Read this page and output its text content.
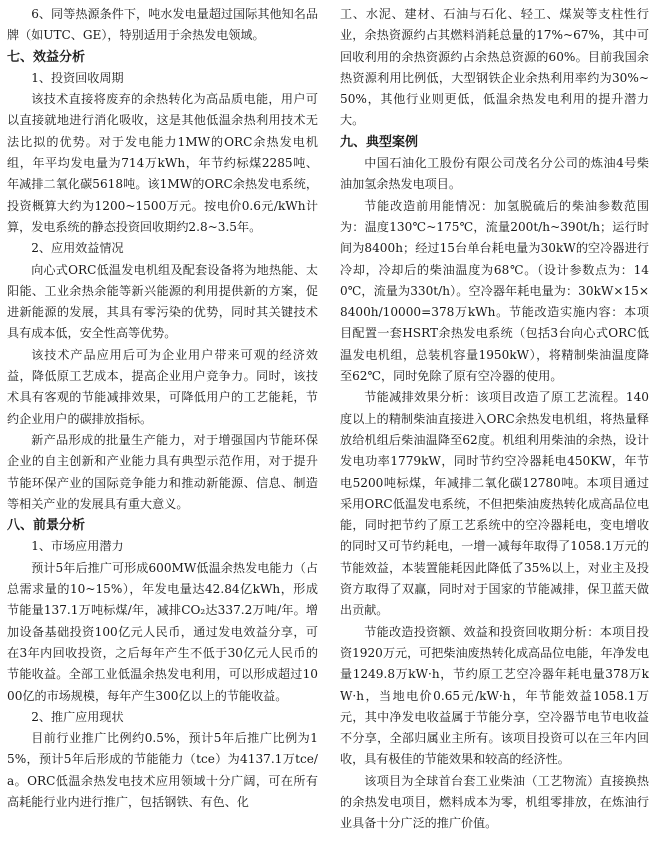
6、同等热源条件下，吨水发电量超过国际其他知名品牌（如UTC、GE），特别适用于余热发电领域。

七、效益分析

1、投资回收周期

该技术直接将废弃的余热转化为高品质电能，用户可以直接就地进行消化吸收，这是其他低温余热利用技术无法比拟的优势。对于发电能力1MW的ORC余热发电机组，年平均发电量为714万kWh，年节约标煤2285吨、年减排二氧化碳5618吨。该1MW的ORC余热发电系统，投资概算大约为1200~1500万元。按电价0.6元/kWh计算，发电系统的静态投资回收期约2.8~3.5年。

2、应用效益情况

向心式ORC低温发电机组及配套设备将为地热能、太阳能、工业余热余能等新兴能源的利用提供新的方案，促进新能源的发展，其具有零污染的优势，同时其关键技术具有成本低，安全性高等优势。

该技术产品应用后可为企业用户带来可观的经济效益，降低原工艺成本，提高企业用户竞争力。同时，该技术具有客观的节能减排效果，可降低用户的工艺能耗，节约企业用户的碳排放指标。

新产品形成的批量生产能力，对于增强国内节能环保企业的自主创新和产业能力具有典型示范作用，对于提升节能环保产业的国际竞争能力和推动新能源、信息、制造等相关产业的发展具有重大意义。

八、前景分析

1、市场应用潜力

预计5年后推广可形成600MW低温余热发电能力（占总需求量的10~15%），年发电量达42.84亿kWh，形成节能量137.1万吨标煤/年，减排CO₂达337.2万吨/年。增加设备基础投资100亿元人民币，通过发电效益分享，可在3年内回收投资，之后每年产生不低于30亿元人民币的节能收益。全部工业低温余热发电利用，可以形成超过1000亿的市场规模，每年产生300亿以上的节能收益。

2、推广应用现状

目前行业推广比例约0.5%，预计5年后推广比例为15%，预计5年后形成的节能能力（tce）为4137.1万tce/a。ORC低温余热发电技术应用领域十分广阔，可在所有高耗能行业内进行推广，包括钢铁、有色、化

工、水泥、建材、石油与石化、轻工、煤炭等支柱性行业，余热资源约占其燃料消耗总量的17%~67%，其中可回收利用的余热资源约占余热总资源的60%。目前我国余热资源利用比例低，大型钢铁企业余热利用率约为30%~50%，其他行业则更低，低温余热发电利用的提升潜力大。

九、典型案例

中国石油化工股份有限公司茂名分公司的炼油4号柴油加氢余热发电项目。

节能改造前用能情况：加氢脱硫后的柴油参数范围为：温度130℃~175℃，流量200t/h~390t/h；运行时间为8400h；经过15台单台耗电量为30kW的空冷器进行冷却，冷却后的柴油温度为68℃。（设计参数点为：140℃，流量为330t/h）。空冷器年耗电量为：30kW×15×8400h/10000=378万kWh。节能改造实施内容：本项目配置一套HSRT余热发电系统（包括3台向心式ORC低温发电机组，总装机容量1950kW），将精制柴油温度降至62℃，同时免除了原有空冷器的使用。

节能减排效果分析：该项目改造了原工艺流程。140度以上的精制柴油直接进入ORC余热发电机组，将热量释放给机组后柴油温降至62度。机组利用柴油的余热，设计发电功率1779kW，同时节约空冷器耗电450KW，年节电5200吨标煤，年减排二氧化碳12780吨。本项目通过采用ORC低温发电系统，不但把柴油废热转化成高品位电能，同时把节约了原工艺系统中的空冷器耗电，变电增收的同时又可节约耗电，一增一减每年取得了1058.1万元的节能效益，本装置能耗因此降低了35%以上，对业主及投资方取得了双赢，同时对于国家的节能减排，保卫蓝天做出贡献。

节能改造投资额、效益和投资回收期分析：本项目投资1920万元，可把柴油废热转化成高品位电能，年净发电量1249.8万kW·h，节约原工艺空冷器年耗电量378万kW·h，当地电价0.65元/kW·h，年节能效益1058.1万元，其中净发电收益属于节能分享，空冷器节电节电收益不分享，全部归属业主所有。该项目投资可以在三年内回收，具有极佳的节能效果和较高的经济性。

该项目为全球首台套工业柴油（工艺物流）直接换热的余热发电项目，燃料成本为零，机组零排放，在炼油行业具备十分广泛的推广价值。
